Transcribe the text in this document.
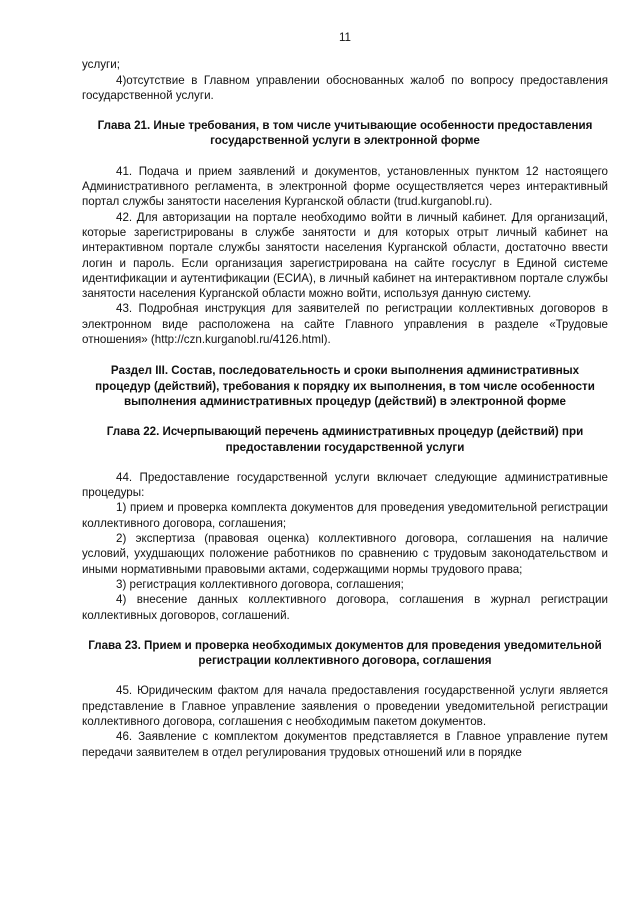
11

услуги;

4)отсутствие в Главном управлении обоснованных жалоб по вопросу предоставления государственной услуги.

Глава 21. Иные требования, в том числе учитывающие особенности предоставления государственной услуги в электронной форме

41. Подача и прием заявлений и документов, установленных пунктом 12 настоящего Административного регламента, в электронной форме осуществляется через интерактивный портал службы занятости населения Курганской области (trud.kurganobl.ru).

42. Для авторизации на портале необходимо войти в личный кабинет. Для организаций, которые зарегистрированы в службе занятости и для которых отрыт личный кабинет на интерактивном портале службы занятости населения Курганской области, достаточно ввести логин и пароль. Если организация зарегистрирована на сайте госуслуг в Единой системе идентификации и аутентификации (ЕСИА), в личный кабинет на интерактивном портале службы занятости населения Курганской области можно войти, используя данную систему.

43. Подробная инструкция для заявителей по регистрации коллективных договоров в электронном виде расположена на сайте Главного управления в разделе «Трудовые отношения» (http://czn.kurganobl.ru/4126.html).

Раздел III. Состав, последовательность и сроки выполнения административных процедур (действий), требования к порядку их выполнения, в том числе особенности выполнения административных процедур (действий) в электронной форме
Глава 22. Исчерпывающий перечень административных процедур (действий) при предоставлении государственной услуги

44. Предоставление государственной услуги включает следующие административные процедуры:

1) прием и проверка комплекта документов для проведения уведомительной регистрации коллективного договора, соглашения;

2) экспертиза (правовая оценка) коллективного договора, соглашения на наличие условий, ухудшающих положение работников по сравнению с трудовым законодательством и иными нормативными правовыми актами, содержащими нормы трудового права;

3) регистрация коллективного договора, соглашения;

4) внесение данных коллективного договора, соглашения в журнал регистрации коллективных договоров, соглашений.

Глава 23. Прием и проверка необходимых документов для проведения уведомительной регистрации коллективного договора, соглашения

45. Юридическим фактом для начала предоставления государственной услуги является представление в Главное управление заявления о проведении уведомительной регистрации коллективного договора, соглашения с необходимым пакетом документов.

46. Заявление с комплектом документов представляется в Главное управление путем передачи заявителем в отдел регулирования трудовых отношений или в порядке
